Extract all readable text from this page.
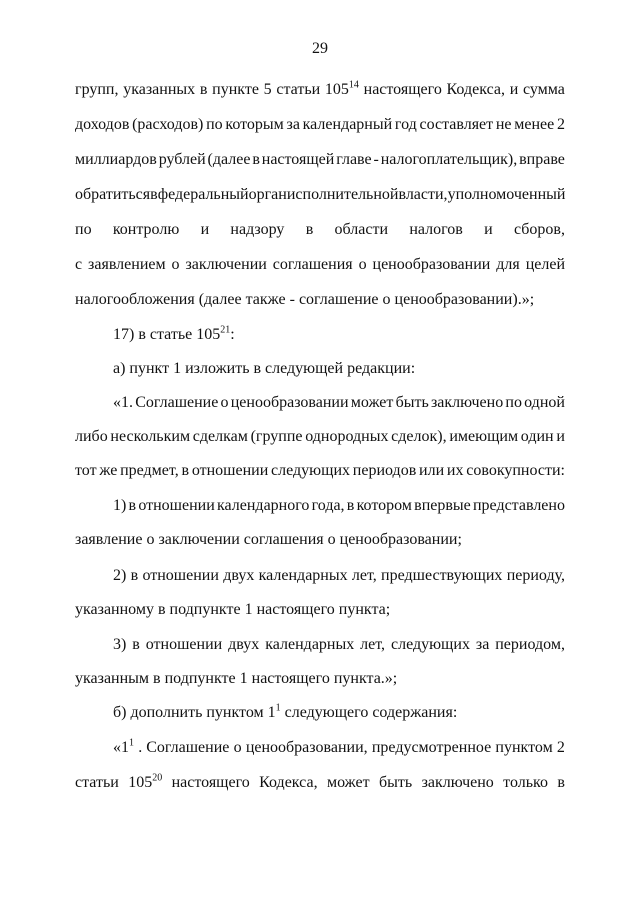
29
групп, указанных в пункте 5 статьи $105^{14}$ настоящего Кодекса, и сумма
доходов (расходов) по которым за календарный год составляет не менее 2
миллиардов рублей (далее в настоящей главе - налогоплательщик), вправе
обратиться в федеральный орган исполнительной власти, уполномоченный
по контролю и надзору в области налогов и сборов,
с заявлением о заключении соглашения о ценообразовании для целей
налогообложения (далее также - соглашение о ценообразовании).»;
17) в статье $105^{21}$:
а) пункт 1 изложить в следующей редакции:
«1. Соглашение о ценообразовании может быть заключено по одной
либо нескольким сделкам (группе однородных сделок), имеющим один и
тот же предмет, в отношении следующих периодов или их совокупности:
1) в отношении календарного года, в котором впервые представлено
заявление о заключении соглашения о ценообразовании;
2) в отношении двух календарных лет, предшествующих периоду,
указанному в подпункте 1 настоящего пункта;
3) в отношении двух календарных лет, следующих за периодом,
указанным в подпункте 1 настоящего пункта.»;
б) дополнить пунктом $1^1$ следующего содержания:
«$1^1$ . Соглашение о ценообразовании, предусмотренное пунктом 2
статьи $105^{20}$ настоящего Кодекса, может быть заключено только в
